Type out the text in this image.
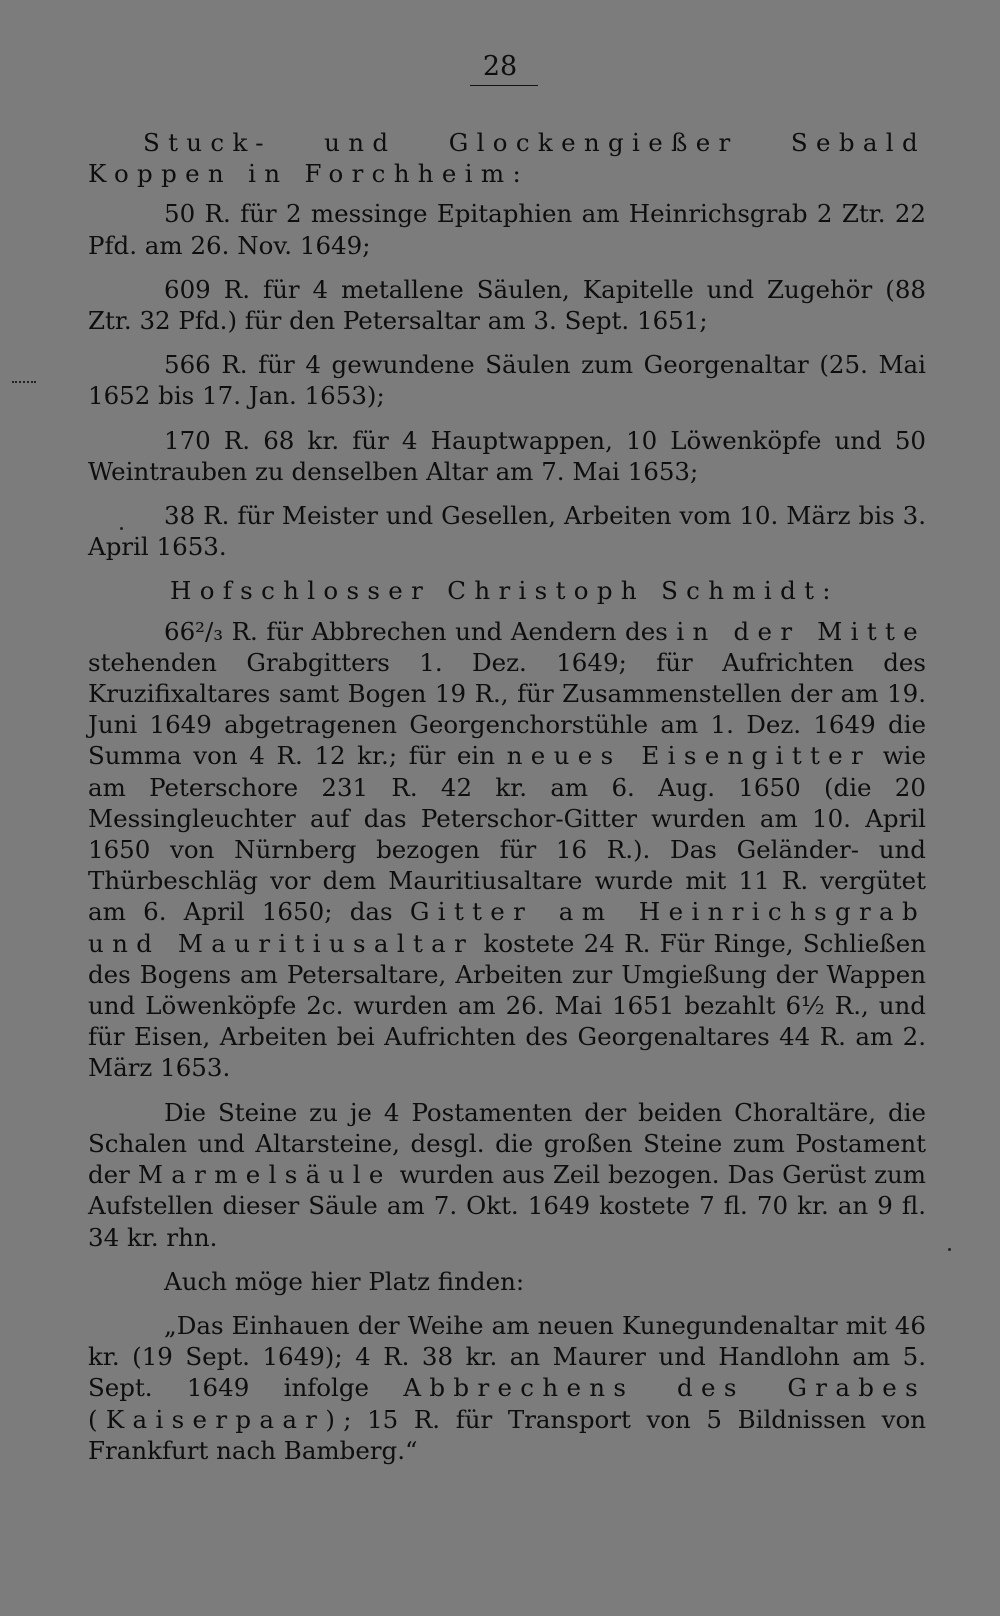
28

Stuck- und Glockengießer Sebald Koppen in Forchheim:

50 R. für 2 messinge Epitaphien am Heinrichsgrab 2 Ztr. 22 Pfd. am 26. Nov. 1649;

609 R. für 4 metallene Säulen, Kapitelle und Zugehör (88 Ztr. 32 Pfd.) für den Petersaltar am 3. Sept. 1651;

566 R. für 4 gewundene Säulen zum Georgenaltar (25. Mai 1652 bis 17. Jan. 1653);

170 R. 68 kr. für 4 Hauptwappen, 10 Löwenköpfe und 50 Weintrauben zu denselben Altar am 7. Mai 1653;

38 R. für Meister und Gesellen, Arbeiten vom 10. März bis 3. April 1653.

Hofschlosser Christoph Schmidt:

66²/₃ R. für Abbrechen und Aendern des in der Mitte stehenden Grabgitters 1. Dez. 1649; für Aufrichten des Kruzifixaltares samt Bogen 19 R., für Zusammenstellen der am 19. Juni 1649 abgetragenen Georgenchorstühle am 1. Dez. 1649 die Summa von 4 R. 12 kr.; für ein neues Eisengitter wie am Peterschore 231 R. 42 kr. am 6. Aug. 1650 (die 20 Messingleuchter auf das Peterschor-Gitter wurden am 10. April 1650 von Nürnberg bezogen für 16 R.). Das Geländer- und Thürbeschläg vor dem Mauritiusaltare wurde mit 11 R. vergütet am 6. April 1650; das Gitter am Heinrichsgrab und Mauritiusaltar kostete 24 R. Für Ringe, Schließen des Bogens am Petersaltare, Arbeiten zur Umgießung der Wappen und Löwenköpfe 2c. wurden am 26. Mai 1651 bezahlt 6½ R., und für Eisen, Arbeiten bei Aufrichten des Georgenaltares 44 R. am 2. März 1653.

Die Steine zu je 4 Postamenten der beiden Choraltäre, die Schalen und Altarsteine, desgl. die großen Steine zum Postament der Marmelsäule wurden aus Zeil bezogen. Das Gerüst zum Aufstellen dieser Säule am 7. Okt. 1649 kostete 7 fl. 70 kr. an 9 fl. 34 kr. rhn.

Auch möge hier Platz finden:

„Das Einhauen der Weihe am neuen Kunegundenaltar mit 46 kr. (19 Sept. 1649); 4 R. 38 kr. an Maurer und Handlohn am 5. Sept. 1649 infolge Abbrechens des Grabes (Kaiserpaar); 15 R. für Transport von 5 Bildnissen von Frankfurt nach Bamberg.“
